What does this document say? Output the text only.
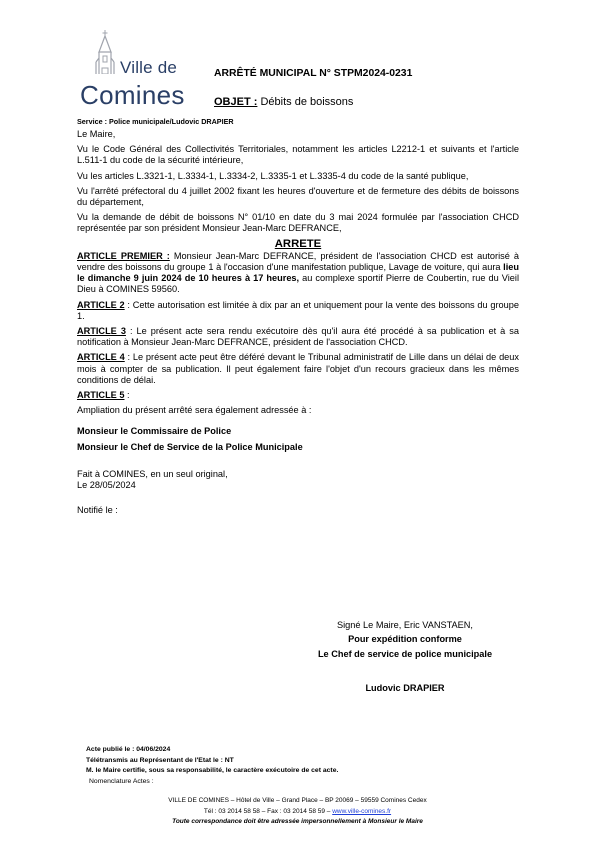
Ville de
Comines
ARRÊTÉ MUNICIPAL N° STPM2024-0231
OBJET : Débits de boissons
Service : Police municipale/Ludovic DRAPIER

Le Maire,

Vu le Code Général des Collectivités Territoriales, notamment les articles L2212-1 et suivants et l'article L.511-1 du code de la sécurité intérieure,

Vu les articles L.3321-1, L.3334-1, L.3334-2, L.3335-1 et L.3335-4 du code de la santé publique,

Vu l'arrêté préfectoral du 4 juillet 2002 fixant les heures d'ouverture et de fermeture des débits de boissons du département,

Vu la demande de débit de boissons N° 01/10 en date du 3 mai 2024 formulée par l'association CHCD représentée par son président Monsieur Jean-Marc DEFRANCE,

ARRETE

ARTICLE PREMIER : Monsieur Jean-Marc DEFRANCE, président de l'association CHCD est autorisé à vendre des boissons du groupe 1 à l'occasion d'une manifestation publique, Lavage de voiture, qui aura lieu le dimanche 9 juin 2024 de 10 heures à 17 heures, au complexe sportif Pierre de Coubertin, rue du Vieil Dieu à COMINES 59560.

ARTICLE 2 : Cette autorisation est limitée à dix par an et uniquement pour la vente des boissons du groupe 1.

ARTICLE 3 : Le présent acte sera rendu exécutoire dès qu'il aura été procédé à sa publication et à sa notification à Monsieur Jean-Marc DEFRANCE, président de l'association CHCD.

ARTICLE 4 : Le présent acte peut être déféré devant le Tribunal administratif de Lille dans un délai de deux mois à compter de sa publication. Il peut également faire l'objet d'un recours gracieux dans les mêmes conditions de délai.

ARTICLE 5 :

Ampliation du présent arrêté sera également adressée à :

Monsieur le Commissaire de Police

Monsieur le Chef de Service de la Police Municipale

Fait à COMINES, en un seul original,

Le 28/05/2024

Notifié le :

Signé Le Maire, Eric VANSTAEN,
Pour expédition conforme
Le Chef de service de police municipale
Ludovic DRAPIER
Acte publié le : 04/06/2024
Télétransmis au Représentant de l'Etat le : NT
M. le Maire certifie, sous sa responsabilité, le caractère exécutoire de cet acte.
Nomenclature Actes :
VILLE DE COMINES – Hôtel de Ville – Grand Place – BP 20069 – 59559 Comines Cedex
Tél : 03 2014 58 58 – Fax : 03 2014 58 59 – www.ville-comines.fr
Toute correspondance doit être adressée impersonnellement à Monsieur le Maire
